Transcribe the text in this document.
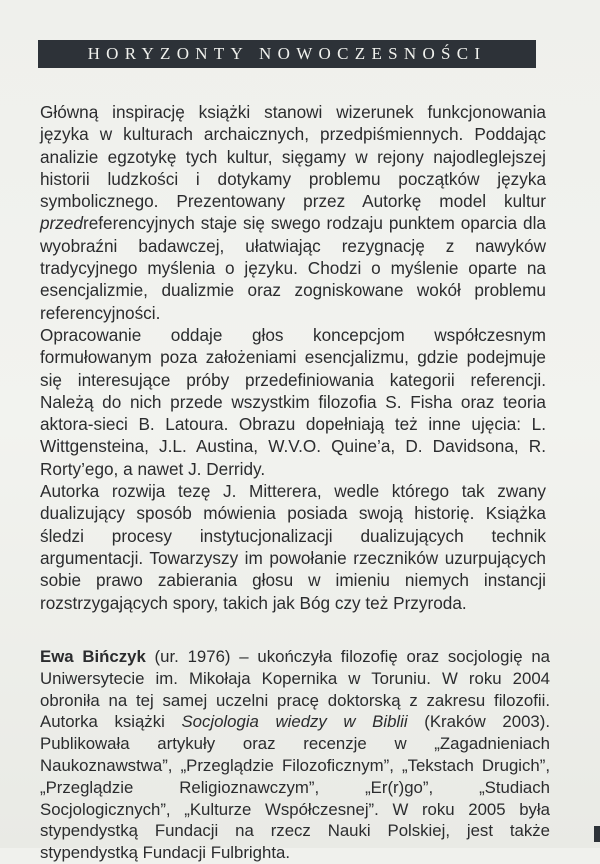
HORYZONTY NOWOCZESNOŚCI

Główną inspirację książki stanowi wizerunek funkcjonowania języka w kulturach archaicznych, przedpiśmiennych. Poddając analizie egzotykę tych kultur, sięgamy w rejony najodleglejszej historii ludzkości i dotykamy problemu początków języka symbolicznego. Prezentowany przez Autorkę model kultur przedreferencyjnych staje się swego rodzaju punktem oparcia dla wyobraźni badawczej, ułatwiając rezygnację z nawyków tradycyjnego myślenia o języku. Chodzi o myślenie oparte na esencjalizmie, dualizmie oraz zogniskowane wokół problemu referencyjności.

Opracowanie oddaje głos koncepcjom współczesnym formułowanym poza założeniami esencjalizmu, gdzie podejmuje się interesujące próby przedefiniowania kategorii referencji. Należą do nich przede wszystkim filozofia S. Fisha oraz teoria aktora-sieci B. Latoura. Obrazu dopełniają też inne ujęcia: L. Wittgensteina, J.L. Austina, W.V.O. Quine’a, D. Davidsona, R. Rorty’ego, a nawet J. Derridy.

Autorka rozwija tezę J. Mitterera, wedle którego tak zwany dualizujący sposób mówienia posiada swoją historię. Książka śledzi procesy instytucjonalizacji dualizujących technik argumentacji. Towarzyszy im powołanie rzeczników uzurpujących sobie prawo zabierania głosu w imieniu niemych instancji rozstrzygających spory, takich jak Bóg czy też Przyroda.

Ewa Bińczyk (ur. 1976) – ukończyła filozofię oraz socjologię na Uniwersytecie im. Mikołaja Kopernika w Toruniu. W roku 2004 obroniła na tej samej uczelni pracę doktorską z zakresu filozofii. Autorka książki Socjologia wiedzy w Biblii (Kraków 2003). Publikowała artykuły oraz recenzje w „Zagadnieniach Naukoznawstwa”, „Przeglądzie Filozoficznym”, „Tekstach Drugich”, „Przeglądzie Religioznawczym”, „Er(r)go”, „Studiach Socjologicznych”, „Kulturze Współczesnej”. W roku 2005 była stypendystką Fundacji na rzecz Nauki Polskiej, jest także stypendystką Fundacji Fulbrighta.
